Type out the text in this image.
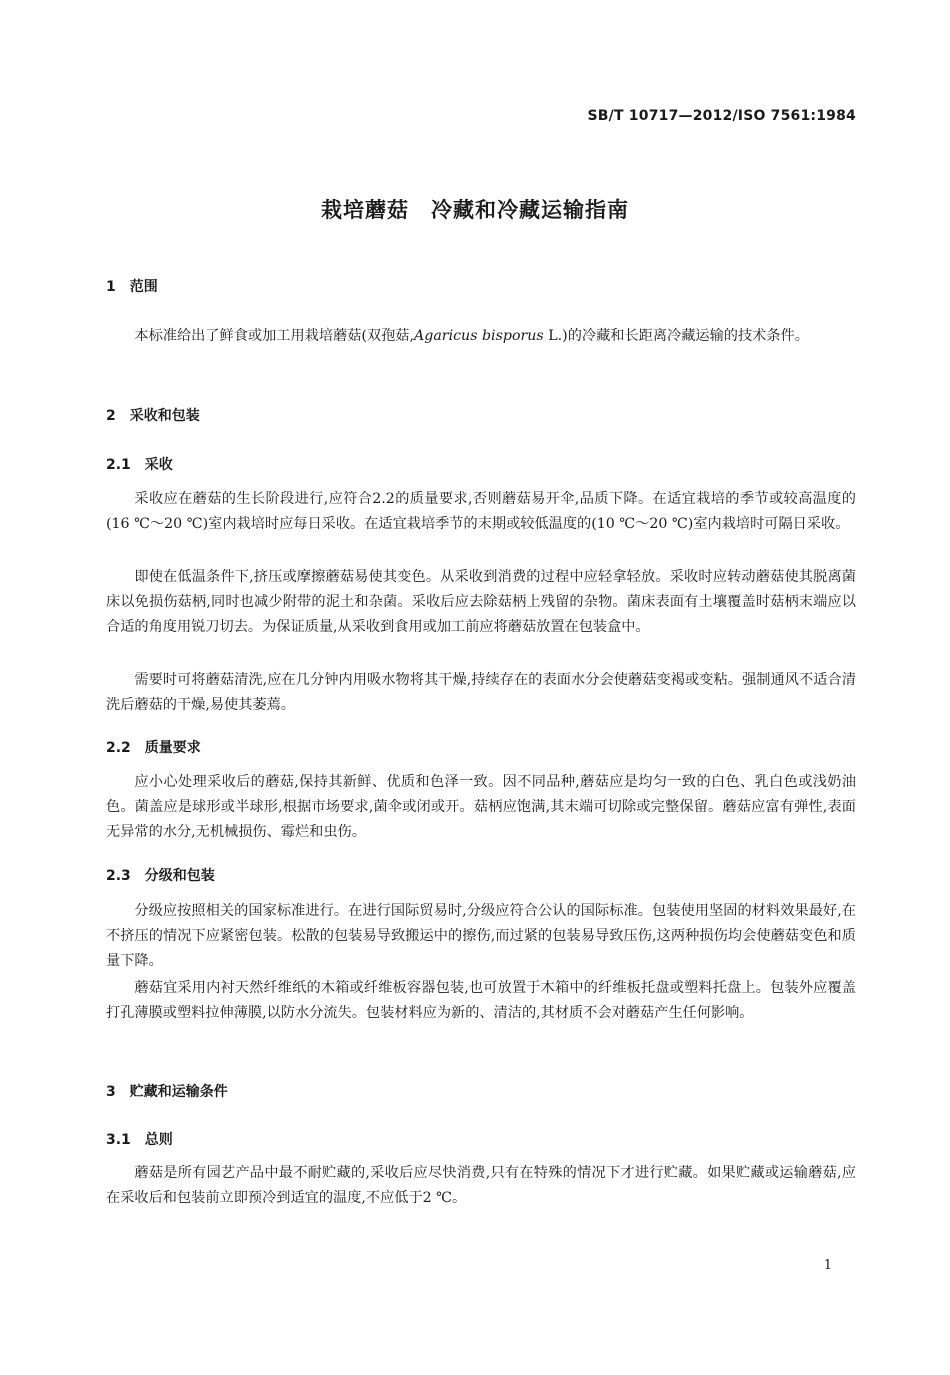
SB/T 10717—2012/ISO 7561:1984
栽培蘑菇　冷藏和冷藏运输指南
1　范围

本标准给出了鲜食或加工用栽培蘑菇(双孢菇,Agaricus bisporus L.)的冷藏和长距离冷藏运输的技术条件。

2　采收和包装
2.1　采收

采收应在蘑菇的生长阶段进行,应符合2.2的质量要求,否则蘑菇易开伞,品质下降。在适宜栽培的季节或较高温度的(16 ℃～20 ℃)室内栽培时应每日采收。在适宜栽培季节的末期或较低温度的(10 ℃～20 ℃)室内栽培时可隔日采收。

即使在低温条件下,挤压或摩擦蘑菇易使其变色。从采收到消费的过程中应轻拿轻放。采收时应转动蘑菇使其脱离菌床以免损伤菇柄,同时也减少附带的泥土和杂菌。采收后应去除菇柄上残留的杂物。菌床表面有土壤覆盖时菇柄末端应以合适的角度用锐刀切去。为保证质量,从采收到食用或加工前应将蘑菇放置在包装盒中。

需要时可将蘑菇清洗,应在几分钟内用吸水物将其干燥,持续存在的表面水分会使蘑菇变褐或变粘。强制通风不适合清洗后蘑菇的干燥,易使其萎蔫。

2.2　质量要求

应小心处理采收后的蘑菇,保持其新鲜、优质和色泽一致。因不同品种,蘑菇应是均匀一致的白色、乳白色或浅奶油色。菌盖应是球形或半球形,根据市场要求,菌伞或闭或开。菇柄应饱满,其末端可切除或完整保留。蘑菇应富有弹性,表面无异常的水分,无机械损伤、霉烂和虫伤。

2.3　分级和包装

分级应按照相关的国家标准进行。在进行国际贸易时,分级应符合公认的国际标准。包装使用坚固的材料效果最好,在不挤压的情况下应紧密包装。松散的包装易导致搬运中的擦伤,而过紧的包装易导致压伤,这两种损伤均会使蘑菇变色和质量下降。

蘑菇宜采用内衬天然纤维纸的木箱或纤维板容器包装,也可放置于木箱中的纤维板托盘或塑料托盘上。包装外应覆盖打孔薄膜或塑料拉伸薄膜,以防水分流失。包装材料应为新的、清洁的,其材质不会对蘑菇产生任何影响。

3　贮藏和运输条件
3.1　总则

蘑菇是所有园艺产品中最不耐贮藏的,采收后应尽快消费,只有在特殊的情况下才进行贮藏。如果贮藏或运输蘑菇,应在采收后和包装前立即预冷到适宜的温度,不应低于2 ℃。

1
